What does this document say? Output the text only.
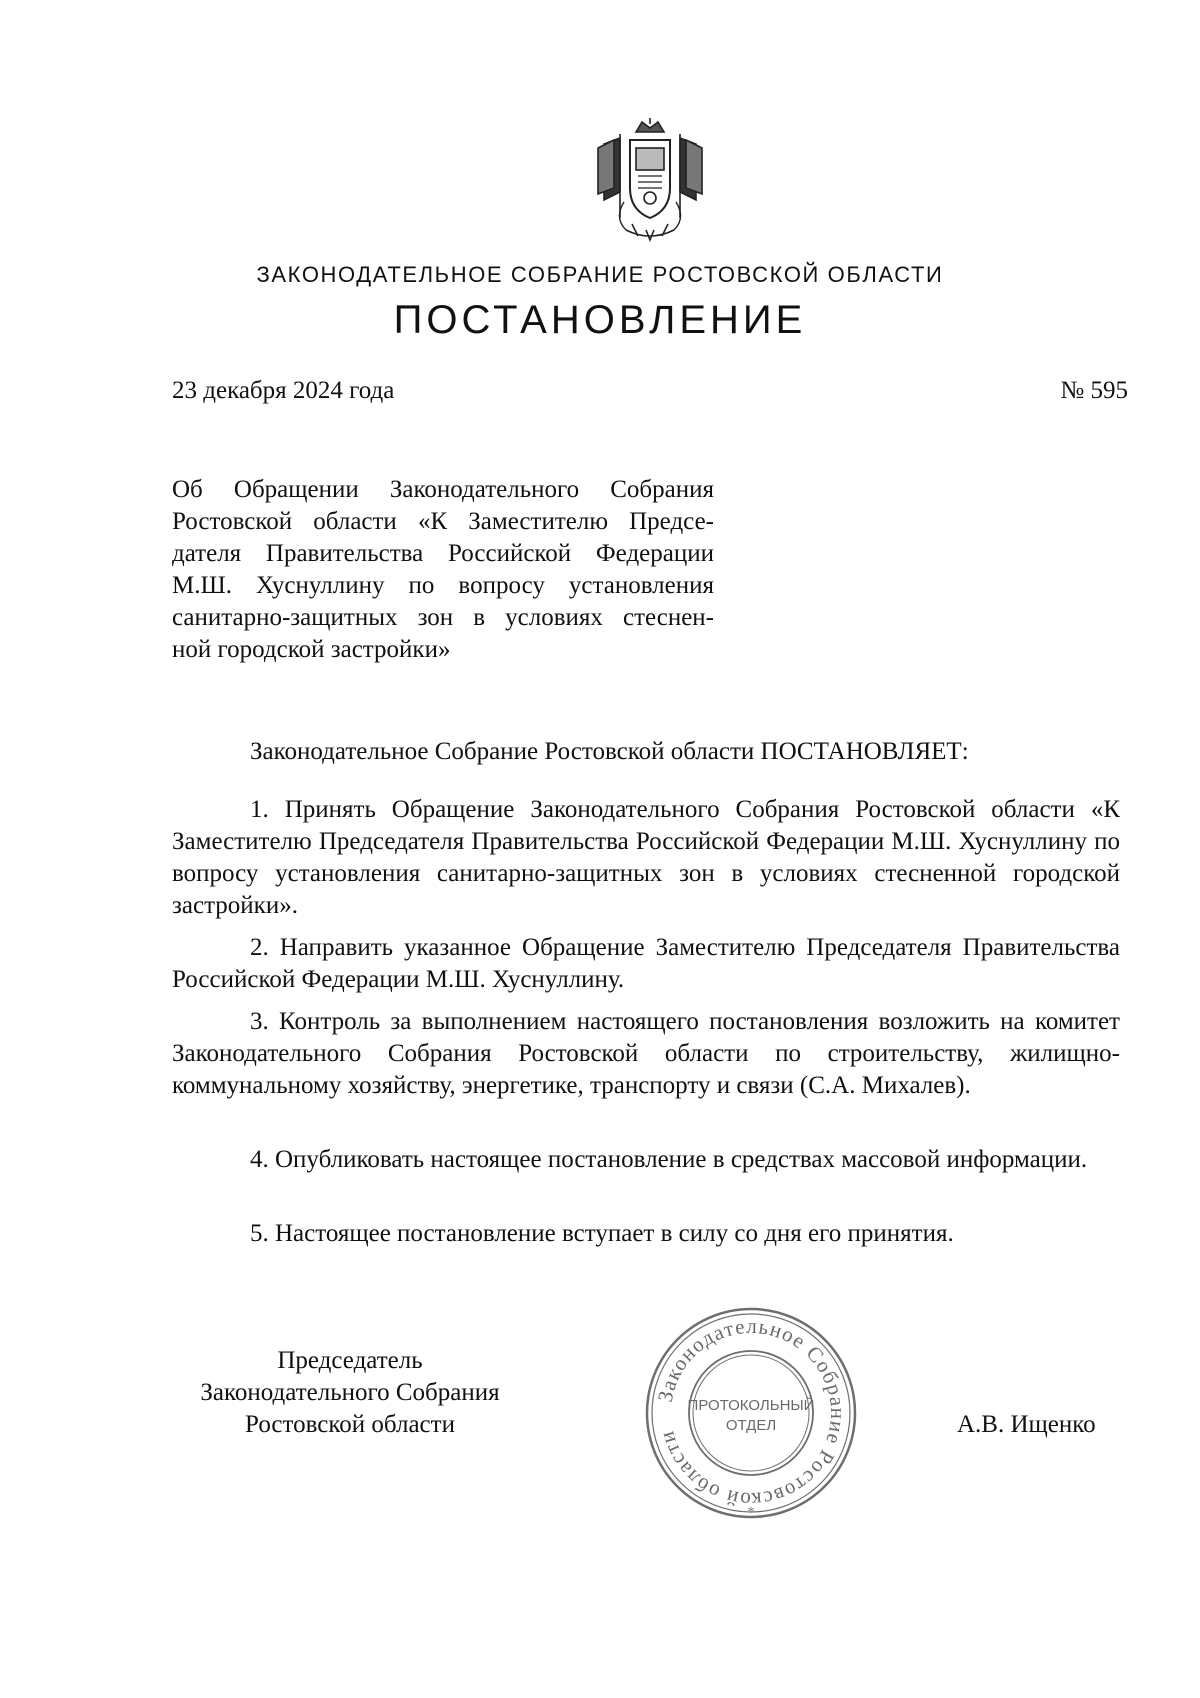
ЗАКОНОДАТЕЛЬНОЕ СОБРАНИЕ РОСТОВСКОЙ ОБЛАСТИ
ПОСТАНОВЛЕНИЕ
23 декабря 2024 года	№ 595
Об Обращении Законодательного Собрания
Ростовской области «К Заместителю Предсе-
дателя Правительства Российской Федерации
М.Ш. Хуснуллину по вопросу установления
санитарно-защитных зон в условиях стеснен-
ной городской застройки»

Законодательное Собрание Ростовской области ПОСТАНОВЛЯЕТ:

1. Принять Обращение Законодательного Собрания Ростовской области «К Заместителю Председателя Правительства Российской Федерации М.Ш. Хуснуллину по вопросу установления санитарно-защитных зон в условиях стесненной городской застройки».

2. Направить указанное Обращение Заместителю Председателя Правительства Российской Федерации М.Ш. Хуснуллину.

3. Контроль за выполнением настоящего постановления возложить на комитет Законодательного Собрания Ростовской области по строительству, жилищно-коммунальному хозяйству, энергетике, транспорту и связи (С.А. Михалев).

4. Опубликовать настоящее постановление в средствах массовой информации.

5. Настоящее постановление вступает в силу со дня его принятия.

Председатель
Законодательного Собрания
Ростовской области
Законодательное Собрание Ростовской области
*
ПРОТОКОЛЬНЫЙ
ОТДЕЛ	А.В. Ищенко
